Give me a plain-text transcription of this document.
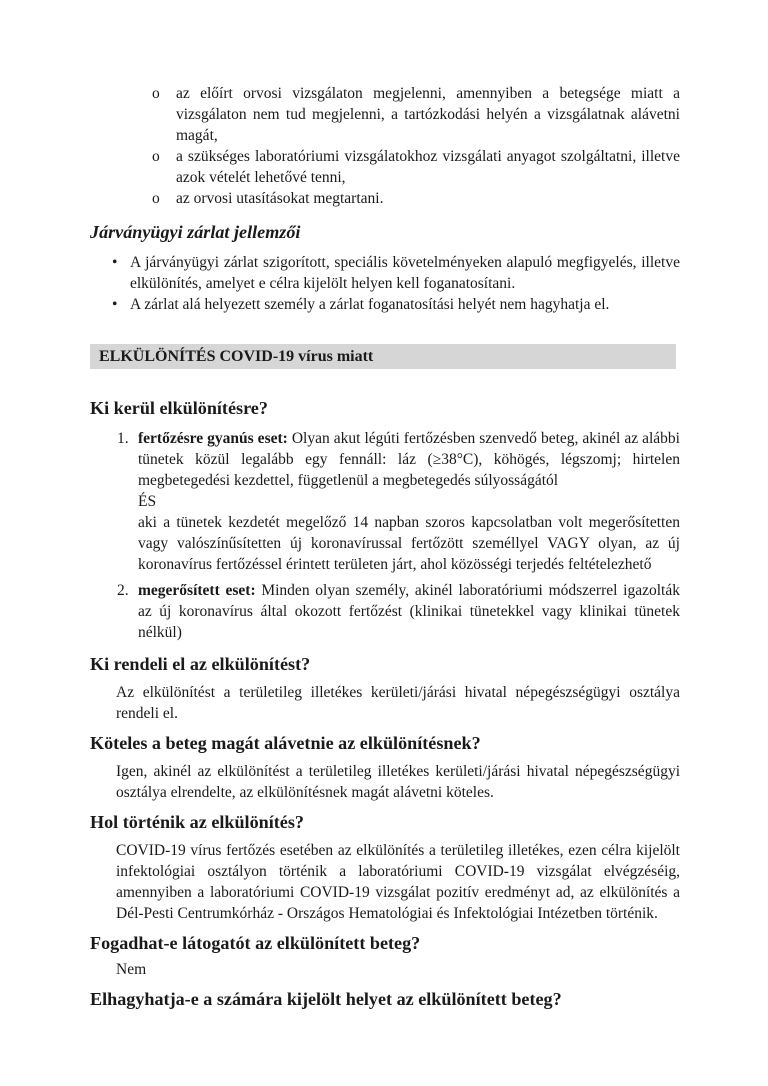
o	az előírt orvosi vizsgálaton megjelenni, amennyiben a betegsége miatt a vizsgálaton nem tud megjelenni, a tartózkodási helyén a vizsgálatnak alávetni magát,
o	a szükséges laboratóriumi vizsgálatokhoz vizsgálati anyagot szolgáltatni, illetve azok vételét lehetővé tenni,
o	az orvosi utasításokat megtartani.
Járványügyi zárlat jellemzői
• A járványügyi zárlat szigorított, speciális követelményeken alapuló megfigyelés, illetve elkülönítés, amelyet e célra kijelölt helyen kell foganatosítani.
• A zárlat alá helyezett személy a zárlat foganatosítási helyét nem hagyhatja el.
ELKÜLÖNÍTÉS COVID-19 vírus miatt
Ki kerül elkülönítésre?
1. fertőzésre gyanús eset: Olyan akut légúti fertőzésben szenvedő beteg, akinél az alábbi tünetek közül legalább egy fennáll: láz (≥38°C), köhögés, légszomj; hirtelen megbetegedési kezdettel, függetlenül a megbetegedés súlyosságától
ÉS
aki a tünetek kezdetét megelőző 14 napban szoros kapcsolatban volt megerősítetten vagy valószínűsítetten új koronavírussal fertőzött személlyel VAGY olyan, az új koronavírus fertőzéssel érintett területen járt, ahol közösségi terjedés feltételezhető
2. megerősített eset: Minden olyan személy, akinél laboratóriumi módszerrel igazolták az új koronavírus által okozott fertőzést (klinikai tünetekkel vagy klinikai tünetek nélkül)
Ki rendeli el az elkülönítést?

Az elkülönítést a területileg illetékes kerületi/járási hivatal népegészségügyi osztálya rendeli el.

Köteles a beteg magát alávetnie az elkülönítésnek?

Igen, akinél az elkülönítést a területileg illetékes kerületi/járási hivatal népegészségügyi osztálya elrendelte, az elkülönítésnek magát alávetni köteles.

Hol történik az elkülönítés?

COVID-19 vírus fertőzés esetében az elkülönítés a területileg illetékes, ezen célra kijelölt infektológiai osztályon történik a laboratóriumi COVID-19 vizsgálat elvégzéséig, amennyiben a laboratóriumi COVID-19 vizsgálat pozitív eredményt ad, az elkülönítés a Dél-Pesti Centrumkórház - Országos Hematológiai és Infektológiai Intézetben történik.

Fogadhat-e látogatót az elkülönített beteg?

Nem

Elhagyhatja-e a számára kijelölt helyet az elkülönített beteg?
